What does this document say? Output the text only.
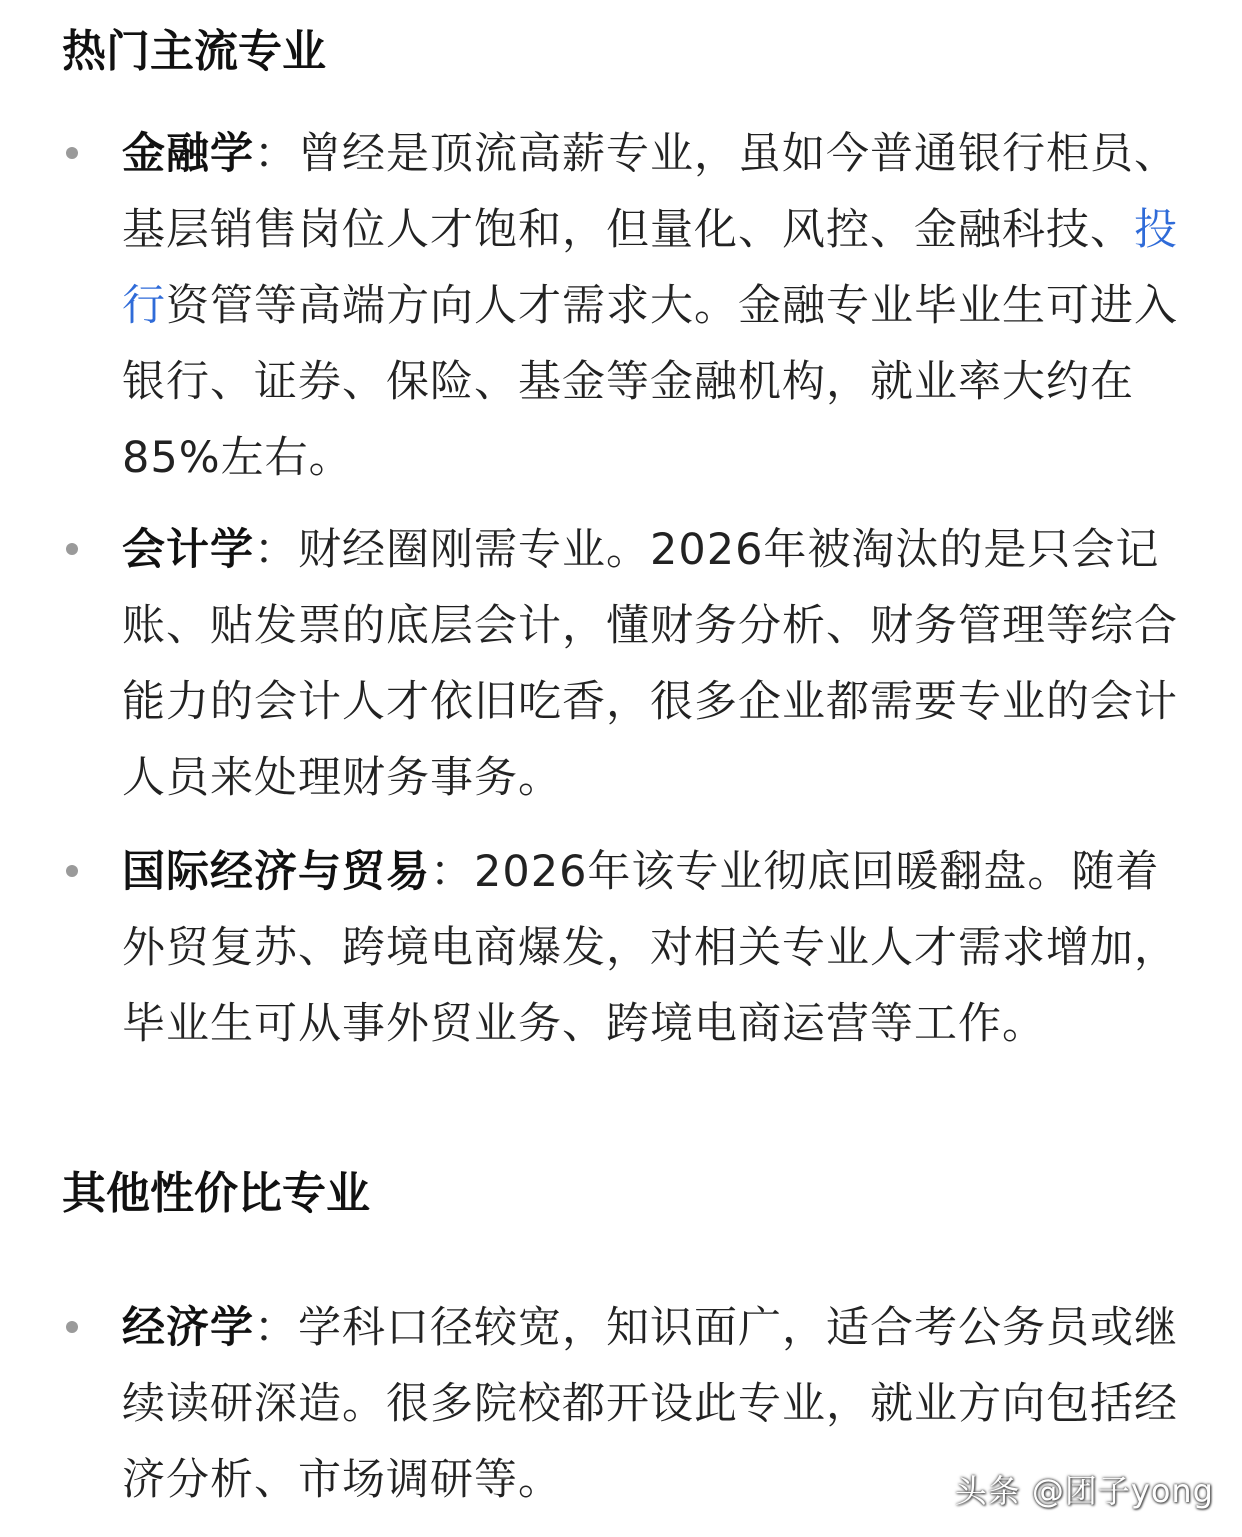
热门主流专业

金融学：曾经是顶流高薪专业，虽如今普通银行柜员、基层销售岗位人才饱和，但量化、风控、金融科技、投行资管等高端方向人才需求大。金融专业毕业生可进入银行、证券、保险、基金等金融机构，就业率大约在85%左右。

会计学：财经圈刚需专业。2026年被淘汰的是只会记账、贴发票的底层会计，懂财务分析、财务管理等综合能力的会计人才依旧吃香，很多企业都需要专业的会计人员来处理财务事务。

国际经济与贸易：2026年该专业彻底回暖翻盘。随着外贸复苏、跨境电商爆发，对相关专业人才需求增加，毕业生可从事外贸业务、跨境电商运营等工作。

其他性价比专业

经济学：学科口径较宽，知识面广，适合考公务员或继续读研深造。很多院校都开设此专业，就业方向包括经济分析、市场调研等。	头条 @团子yong
